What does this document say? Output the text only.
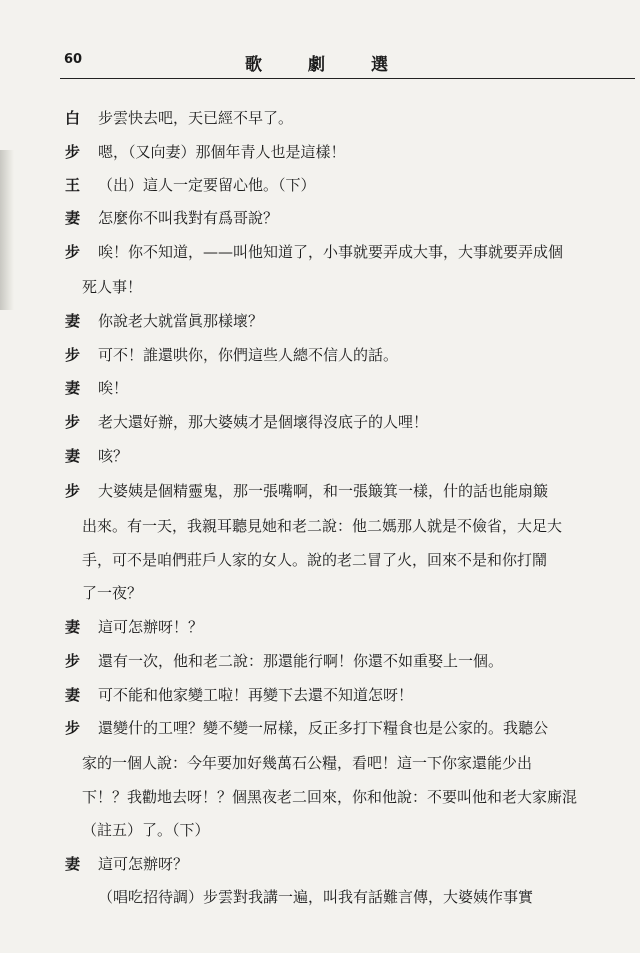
60	歌劇選
白 步雲快去吧，天已經不早了。
步 嗯，（又向妻）那個年青人也是這樣！
王 （出）這人一定要留心他。（下）
妻 怎麼你不叫我對有爲哥說？
步 唉！你不知道，——叫他知道了，小事就要弄成大事，大事就要弄成個
死人事！
妻 你說老大就當眞那樣壞？
步 可不！誰還哄你，你們這些人總不信人的話。
妻 唉！
步 老大還好辦，那大婆姨才是個壞得沒底子的人哩！
妻 咳？
步 大婆姨是個精靈鬼，那一張嘴啊，和一張簸箕一樣，什的話也能扇簸
出來。有一天，我親耳聽見她和老二說：他二媽那人就是不儉省，大足大
手，可不是咱們莊戶人家的女人。說的老二冒了火，回來不是和你打鬧
了一夜？
妻 這可怎辦呀！？
步 還有一次，他和老二說：那還能行啊！你還不如重娶上一個。
妻 可不能和他家變工啦！再變下去還不知道怎呀！
步 還變什的工哩？變不變一屌樣，反正多打下糧食也是公家的。我聽公
家的一個人說：今年要加好幾萬石公糧，看吧！這一下你家還能少出
下！？我勸地去呀！？個黑夜老二回來，你和他說：不要叫他和老大家廝混
（註五）了。（下）
妻 這可怎辦呀？
（唱吃招待調）步雲對我講一遍，叫我有話難言傳，大婆姨作事實
